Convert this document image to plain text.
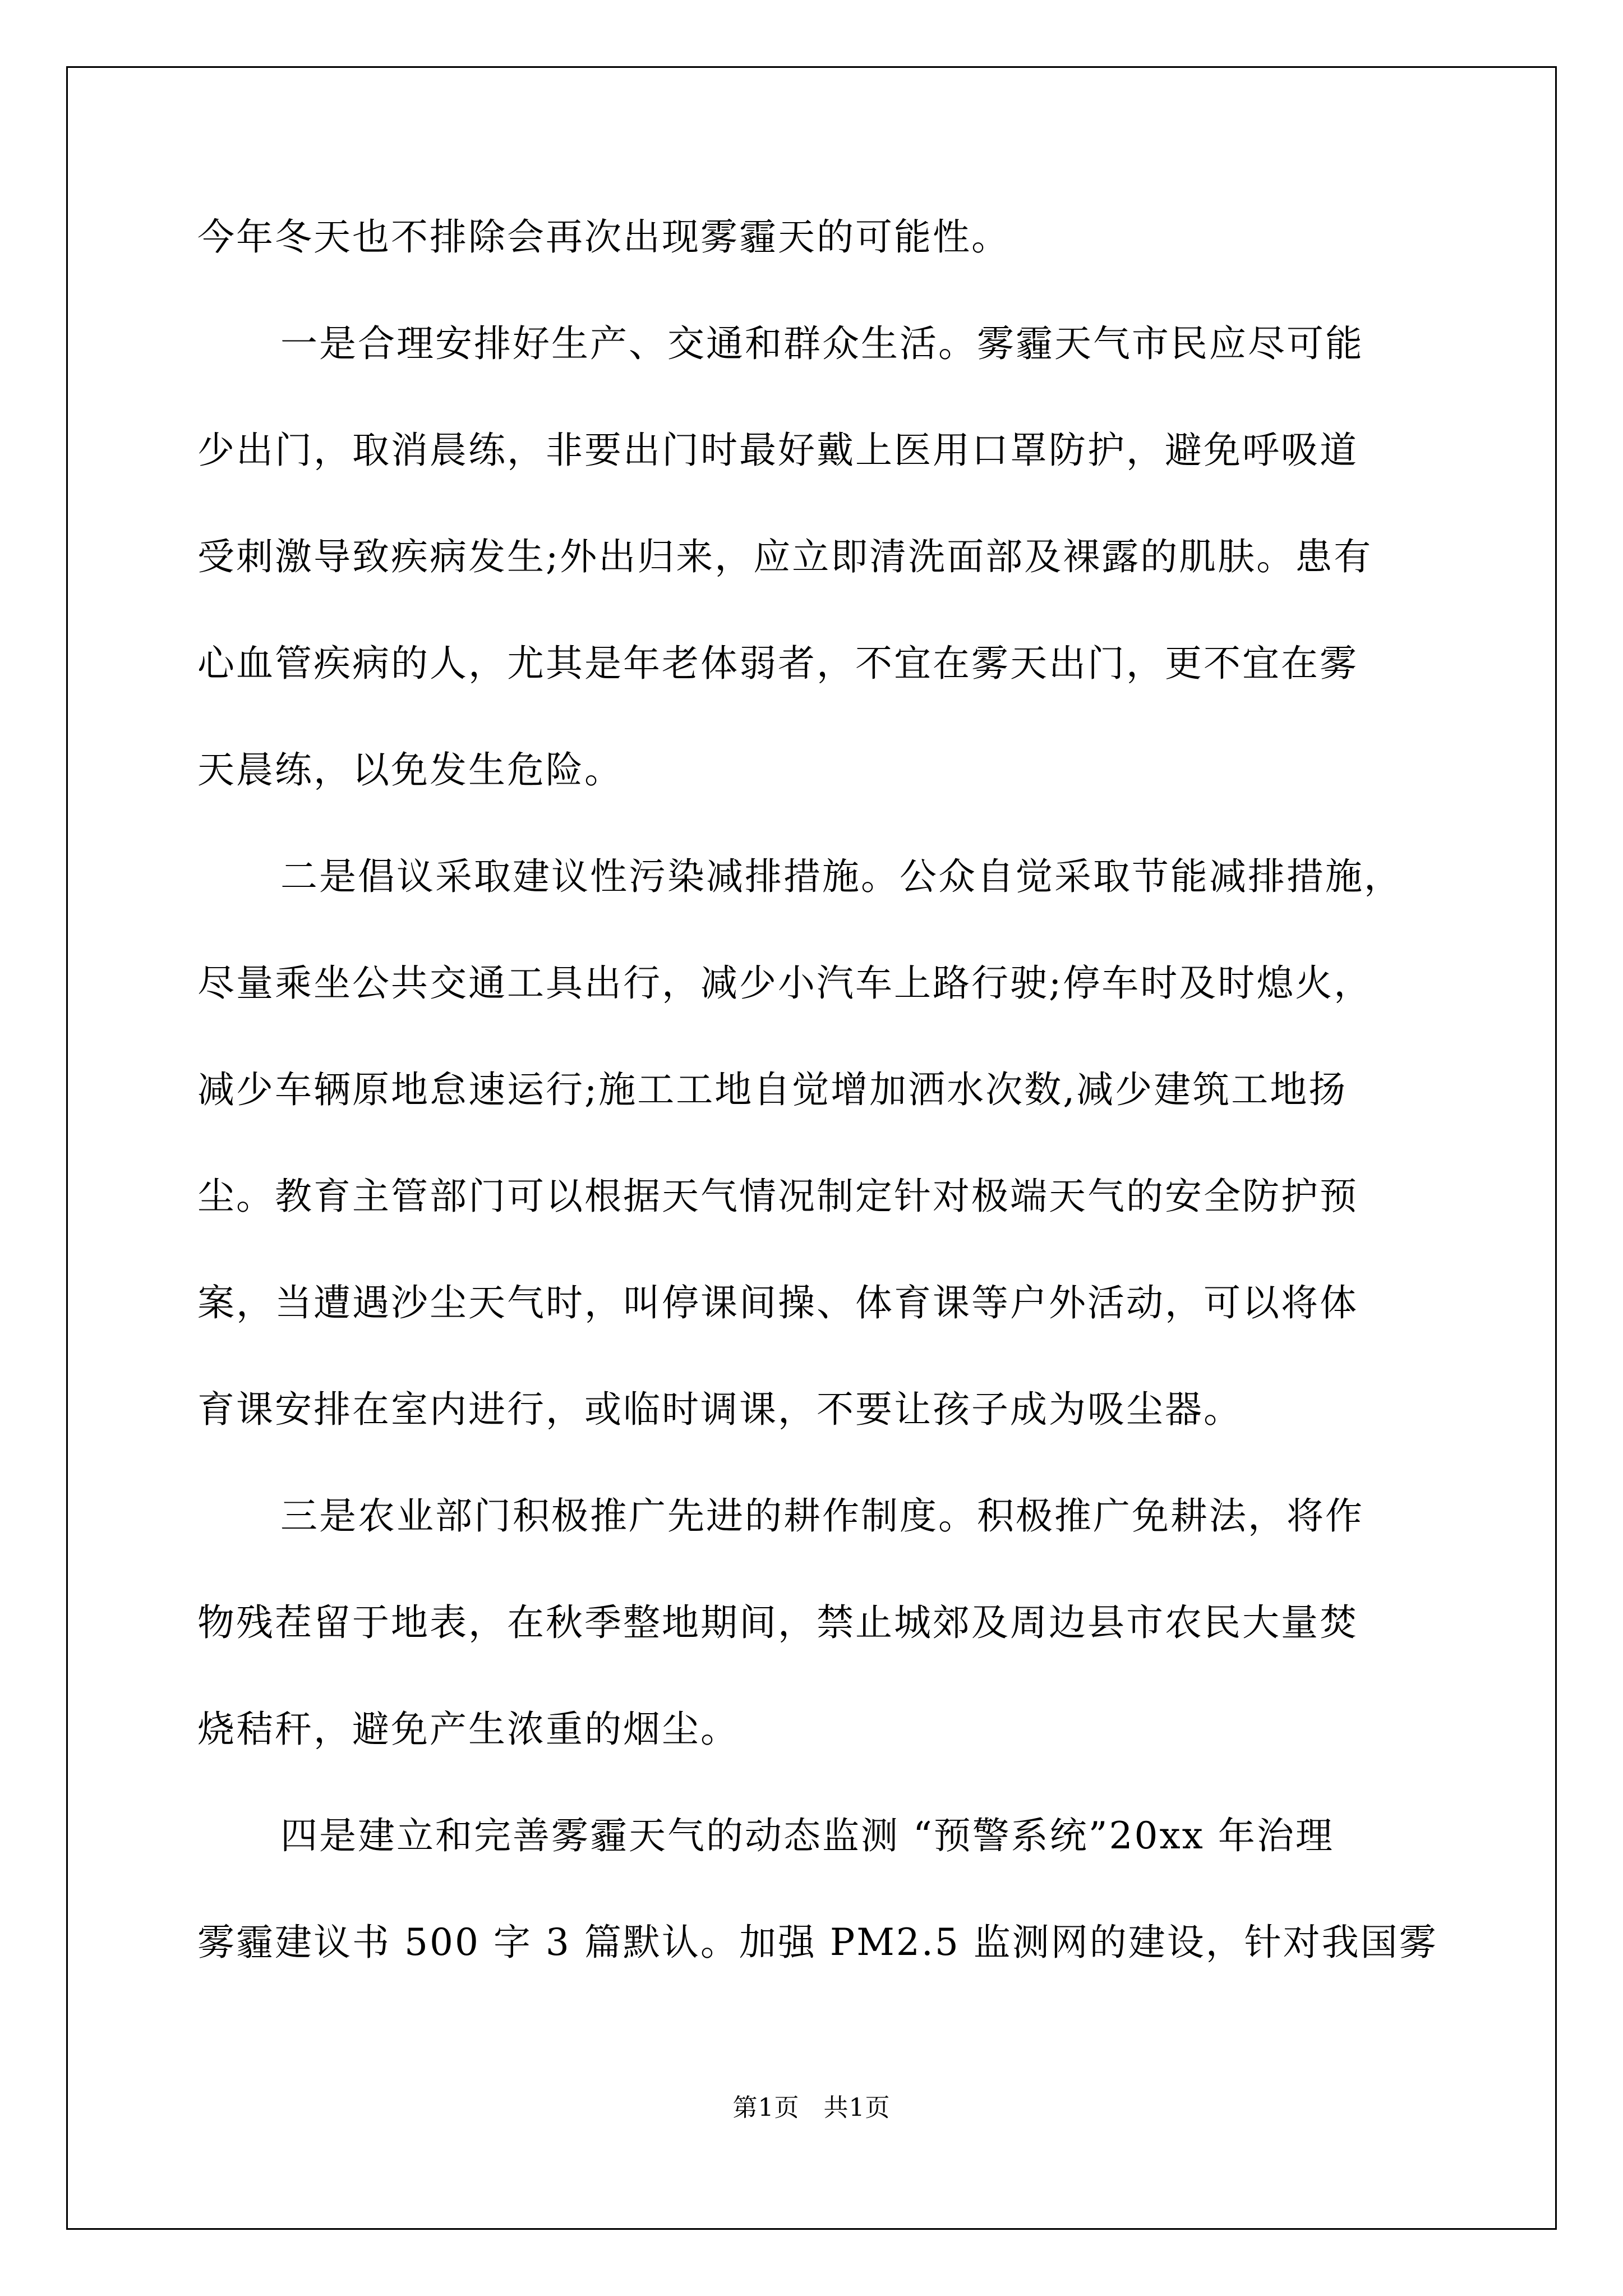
今年冬天也不排除会再次出现雾霾天的可能性。
一是合理安排好生产、交通和群众生活。雾霾天气市民应尽可能
少出门，取消晨练，非要出门时最好戴上医用口罩防护，避免呼吸道
受刺激导致疾病发生;外出归来，应立即清洗面部及裸露的肌肤。患有
心血管疾病的人，尤其是年老体弱者，不宜在雾天出门，更不宜在雾
天晨练，以免发生危险。
二是倡议采取建议性污染减排措施。公众自觉采取节能减排措施，
尽量乘坐公共交通工具出行，减少小汽车上路行驶;停车时及时熄火，
减少车辆原地怠速运行;施工工地自觉增加洒水次数,减少建筑工地扬
尘。教育主管部门可以根据天气情况制定针对极端天气的安全防护预
案，当遭遇沙尘天气时，叫停课间操、体育课等户外活动，可以将体
育课安排在室内进行，或临时调课，不要让孩子成为吸尘器。
三是农业部门积极推广先进的耕作制度。积极推广免耕法，将作
物残茬留于地表，在秋季整地期间，禁止城郊及周边县市农民大量焚
烧秸秆，避免产生浓重的烟尘。
四是建立和完善雾霾天气的动态监测 “预警系统”20xx 年治理
雾霾建议书 500 字 3 篇默认。加强 PM2.5 监测网的建设，针对我国雾
第1页 共1页
